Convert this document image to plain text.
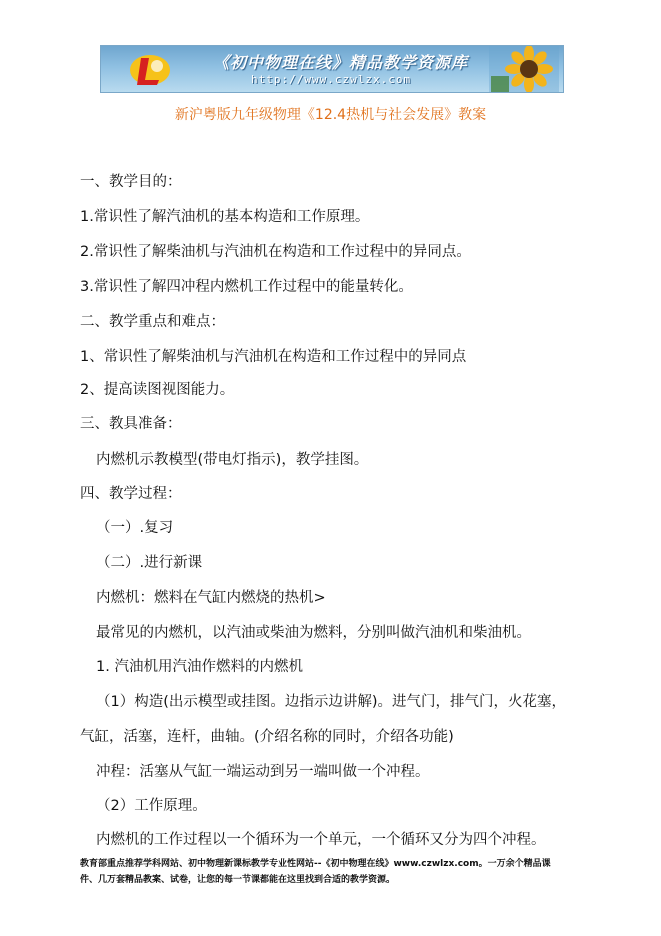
《初中物理在线》精品教学资源库
http://www.czwlzx.com
新沪粤版九年级物理《12.4热机与社会发展》教案
一、教学目的：
1.常识性了解汽油机的基本构造和工作原理。
2.常识性了解柴油机与汽油机在构造和工作过程中的异同点。
3.常识性了解四冲程内燃机工作过程中的能量转化。
二、教学重点和难点：
1、常识性了解柴油机与汽油机在构造和工作过程中的异同点
2、提高读图视图能力。
三、教具准备：
内燃机示教模型(带电灯指示)，教学挂图。
四、教学过程：
（一）.复习
（二）.进行新课
内燃机：燃料在气缸内燃烧的热机>
最常见的内燃机，以汽油或柴油为燃料，分别叫做汽油机和柴油机。
1. 汽油机用汽油作燃料的内燃机
（1）构造(出示模型或挂图。边指示边讲解)。进气门，排气门，火花塞，
气缸，活塞，连杆，曲轴。(介绍名称的同时，介绍各功能)
冲程：活塞从气缸一端运动到另一端叫做一个冲程。
（2）工作原理。
内燃机的工作过程以一个循环为一个单元，一个循环又分为四个冲程。
教育部重点推荐学科网站、初中物理新课标教学专业性网站--《初中物理在线》www.czwlzx.com。一万余个精品课
件、几万套精品教案、试卷，让您的每一节课都能在这里找到合适的教学资源。
